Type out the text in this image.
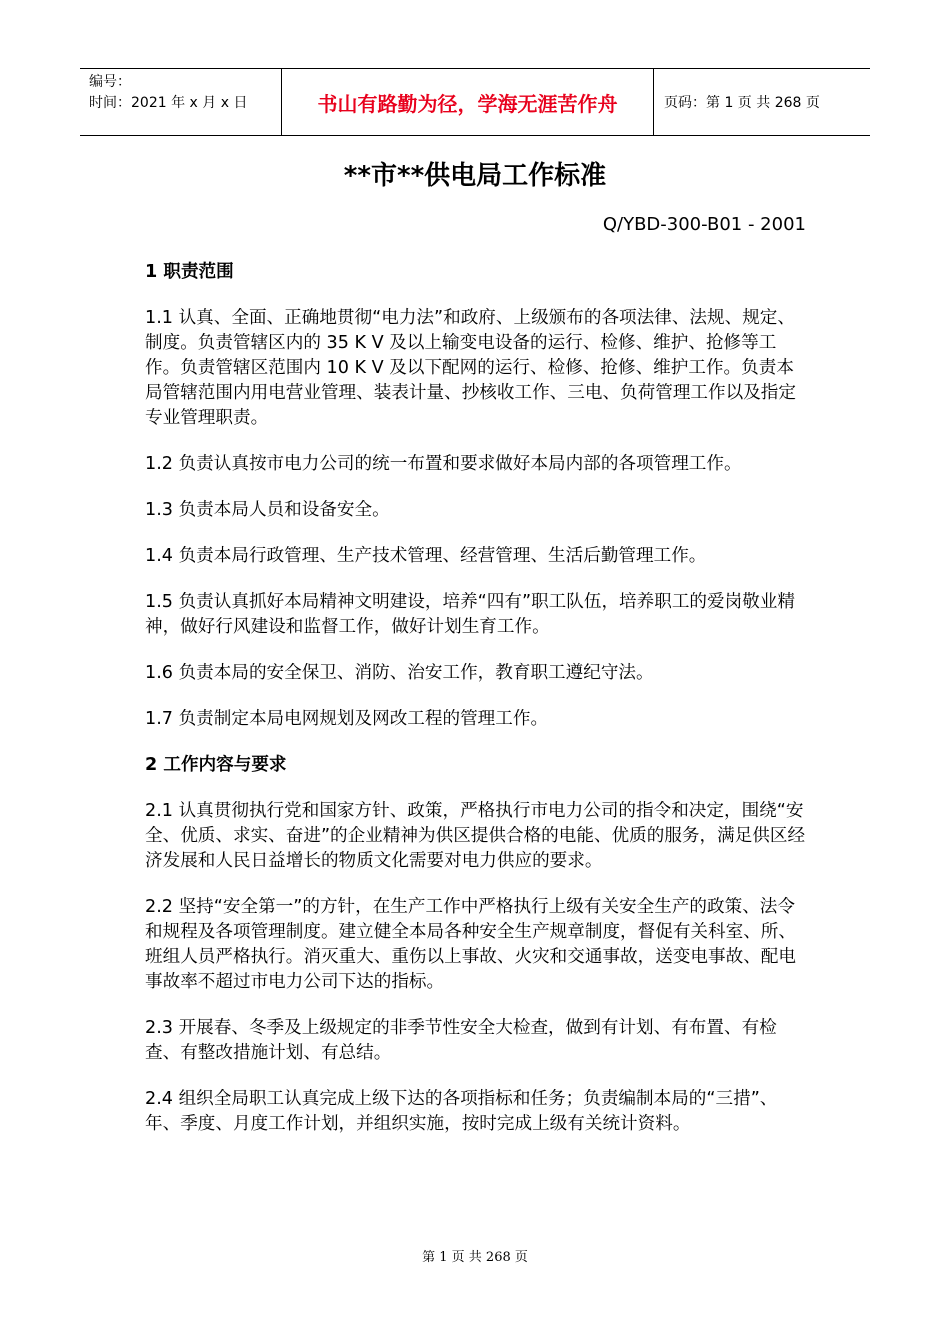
编号：
时间：2021 年 x 月 x 日	书山有路勤为径，学海无涯苦作舟	页码：第 1 页 共 268 页
**市**供电局工作标准
Q/YBD-300-B01 - 2001
1 职责范围

1.1 认真、全面、正确地贯彻“电力法”和政府、上级颁布的各项法律、法规、规定、制度。负责管辖区内的 35 K V 及以上输变电设备的运行、检修、维护、抢修等工作。负责管辖区范围内 10 K V 及以下配网的运行、检修、抢修、维护工作。负责本局管辖范围内用电营业管理、装表计量、抄核收工作、三电、负荷管理工作以及指定专业管理职责。

1.2 负责认真按市电力公司的统一布置和要求做好本局内部的各项管理工作。

1.3 负责本局人员和设备安全。

1.4 负责本局行政管理、生产技术管理、经营管理、生活后勤管理工作。

1.5 负责认真抓好本局精神文明建设，培养“四有”职工队伍，培养职工的爱岗敬业精神，做好行风建设和监督工作，做好计划生育工作。

1.6 负责本局的安全保卫、消防、治安工作，教育职工遵纪守法。

1.7 负责制定本局电网规划及网改工程的管理工作。

2 工作内容与要求

2.1 认真贯彻执行党和国家方针、政策，严格执行市电力公司的指令和决定，围绕“安全、优质、求实、奋进”的企业精神为供区提供合格的电能、优质的服务，满足供区经济发展和人民日益增长的物质文化需要对电力供应的要求。

2.2 坚持“安全第一”的方针，在生产工作中严格执行上级有关安全生产的政策、法令和规程及各项管理制度。建立健全本局各种安全生产规章制度，督促有关科室、所、班组人员严格执行。消灭重大、重伤以上事故、火灾和交通事故，送变电事故、配电事故率不超过市电力公司下达的指标。

2.3 开展春、冬季及上级规定的非季节性安全大检查，做到有计划、有布置、有检查、有整改措施计划、有总结。

2.4 组织全局职工认真完成上级下达的各项指标和任务；负责编制本局的“三措”、年、季度、月度工作计划，并组织实施，按时完成上级有关统计资料。

第 1 页 共 268 页
